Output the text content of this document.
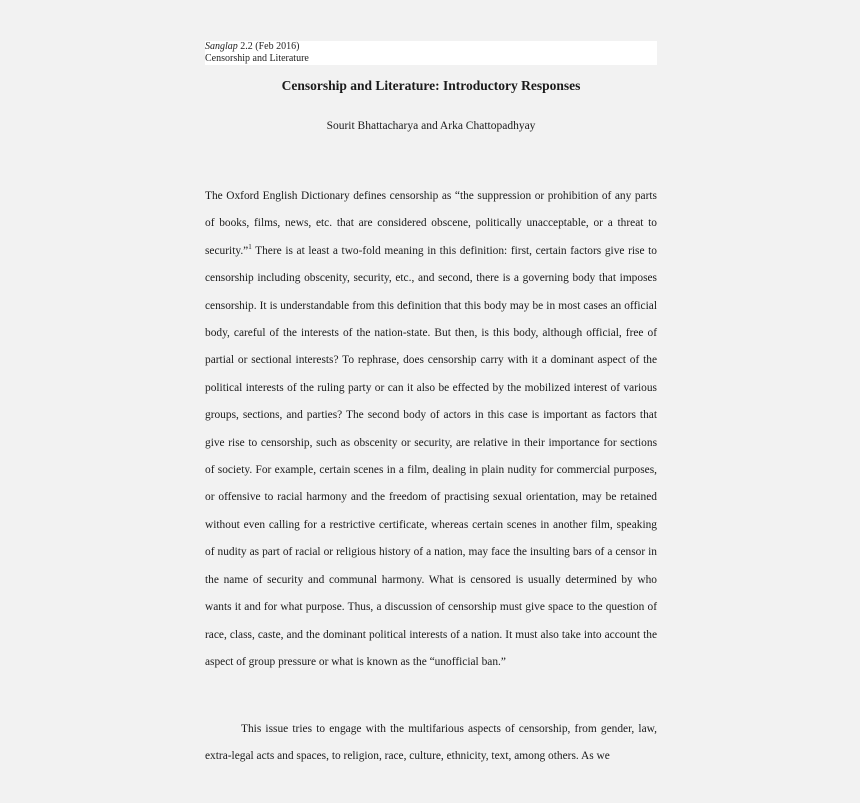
Sanglap 2.2 (Feb 2016)
Censorship and Literature
Censorship and Literature: Introductory Responses
Sourit Bhattacharya and Arka Chattopadhyay

The Oxford English Dictionary defines censorship as “the suppression or prohibition of any parts of books, films, news, etc. that are considered obscene, politically unacceptable, or a threat to security.”$^1$ There is at least a two-fold meaning in this definition: first, certain factors give rise to censorship including obscenity, security, etc., and second, there is a governing body that imposes censorship. It is understandable from this definition that this body may be in most cases an official body, careful of the interests of the nation-state. But then, is this body, although official, free of partial or sectional interests? To rephrase, does censorship carry with it a dominant aspect of the political interests of the ruling party or can it also be effected by the mobilized interest of various groups, sections, and parties? The second body of actors in this case is important as factors that give rise to censorship, such as obscenity or security, are relative in their importance for sections of society. For example, certain scenes in a film, dealing in plain nudity for commercial purposes, or offensive to racial harmony and the freedom of practising sexual orientation, may be retained without even calling for a restrictive certificate, whereas certain scenes in another film, speaking of nudity as part of racial or religious history of a nation, may face the insulting bars of a censor in the name of security and communal harmony. What is censored is usually determined by who wants it and for what purpose. Thus, a discussion of censorship must give space to the question of race, class, caste, and the dominant political interests of a nation. It must also take into account the aspect of group pressure or what is known as the “unofficial ban.”

This issue tries to engage with the multifarious aspects of censorship, from gender, law, extra-legal acts and spaces, to religion, race, culture, ethnicity, text, among others. As we
